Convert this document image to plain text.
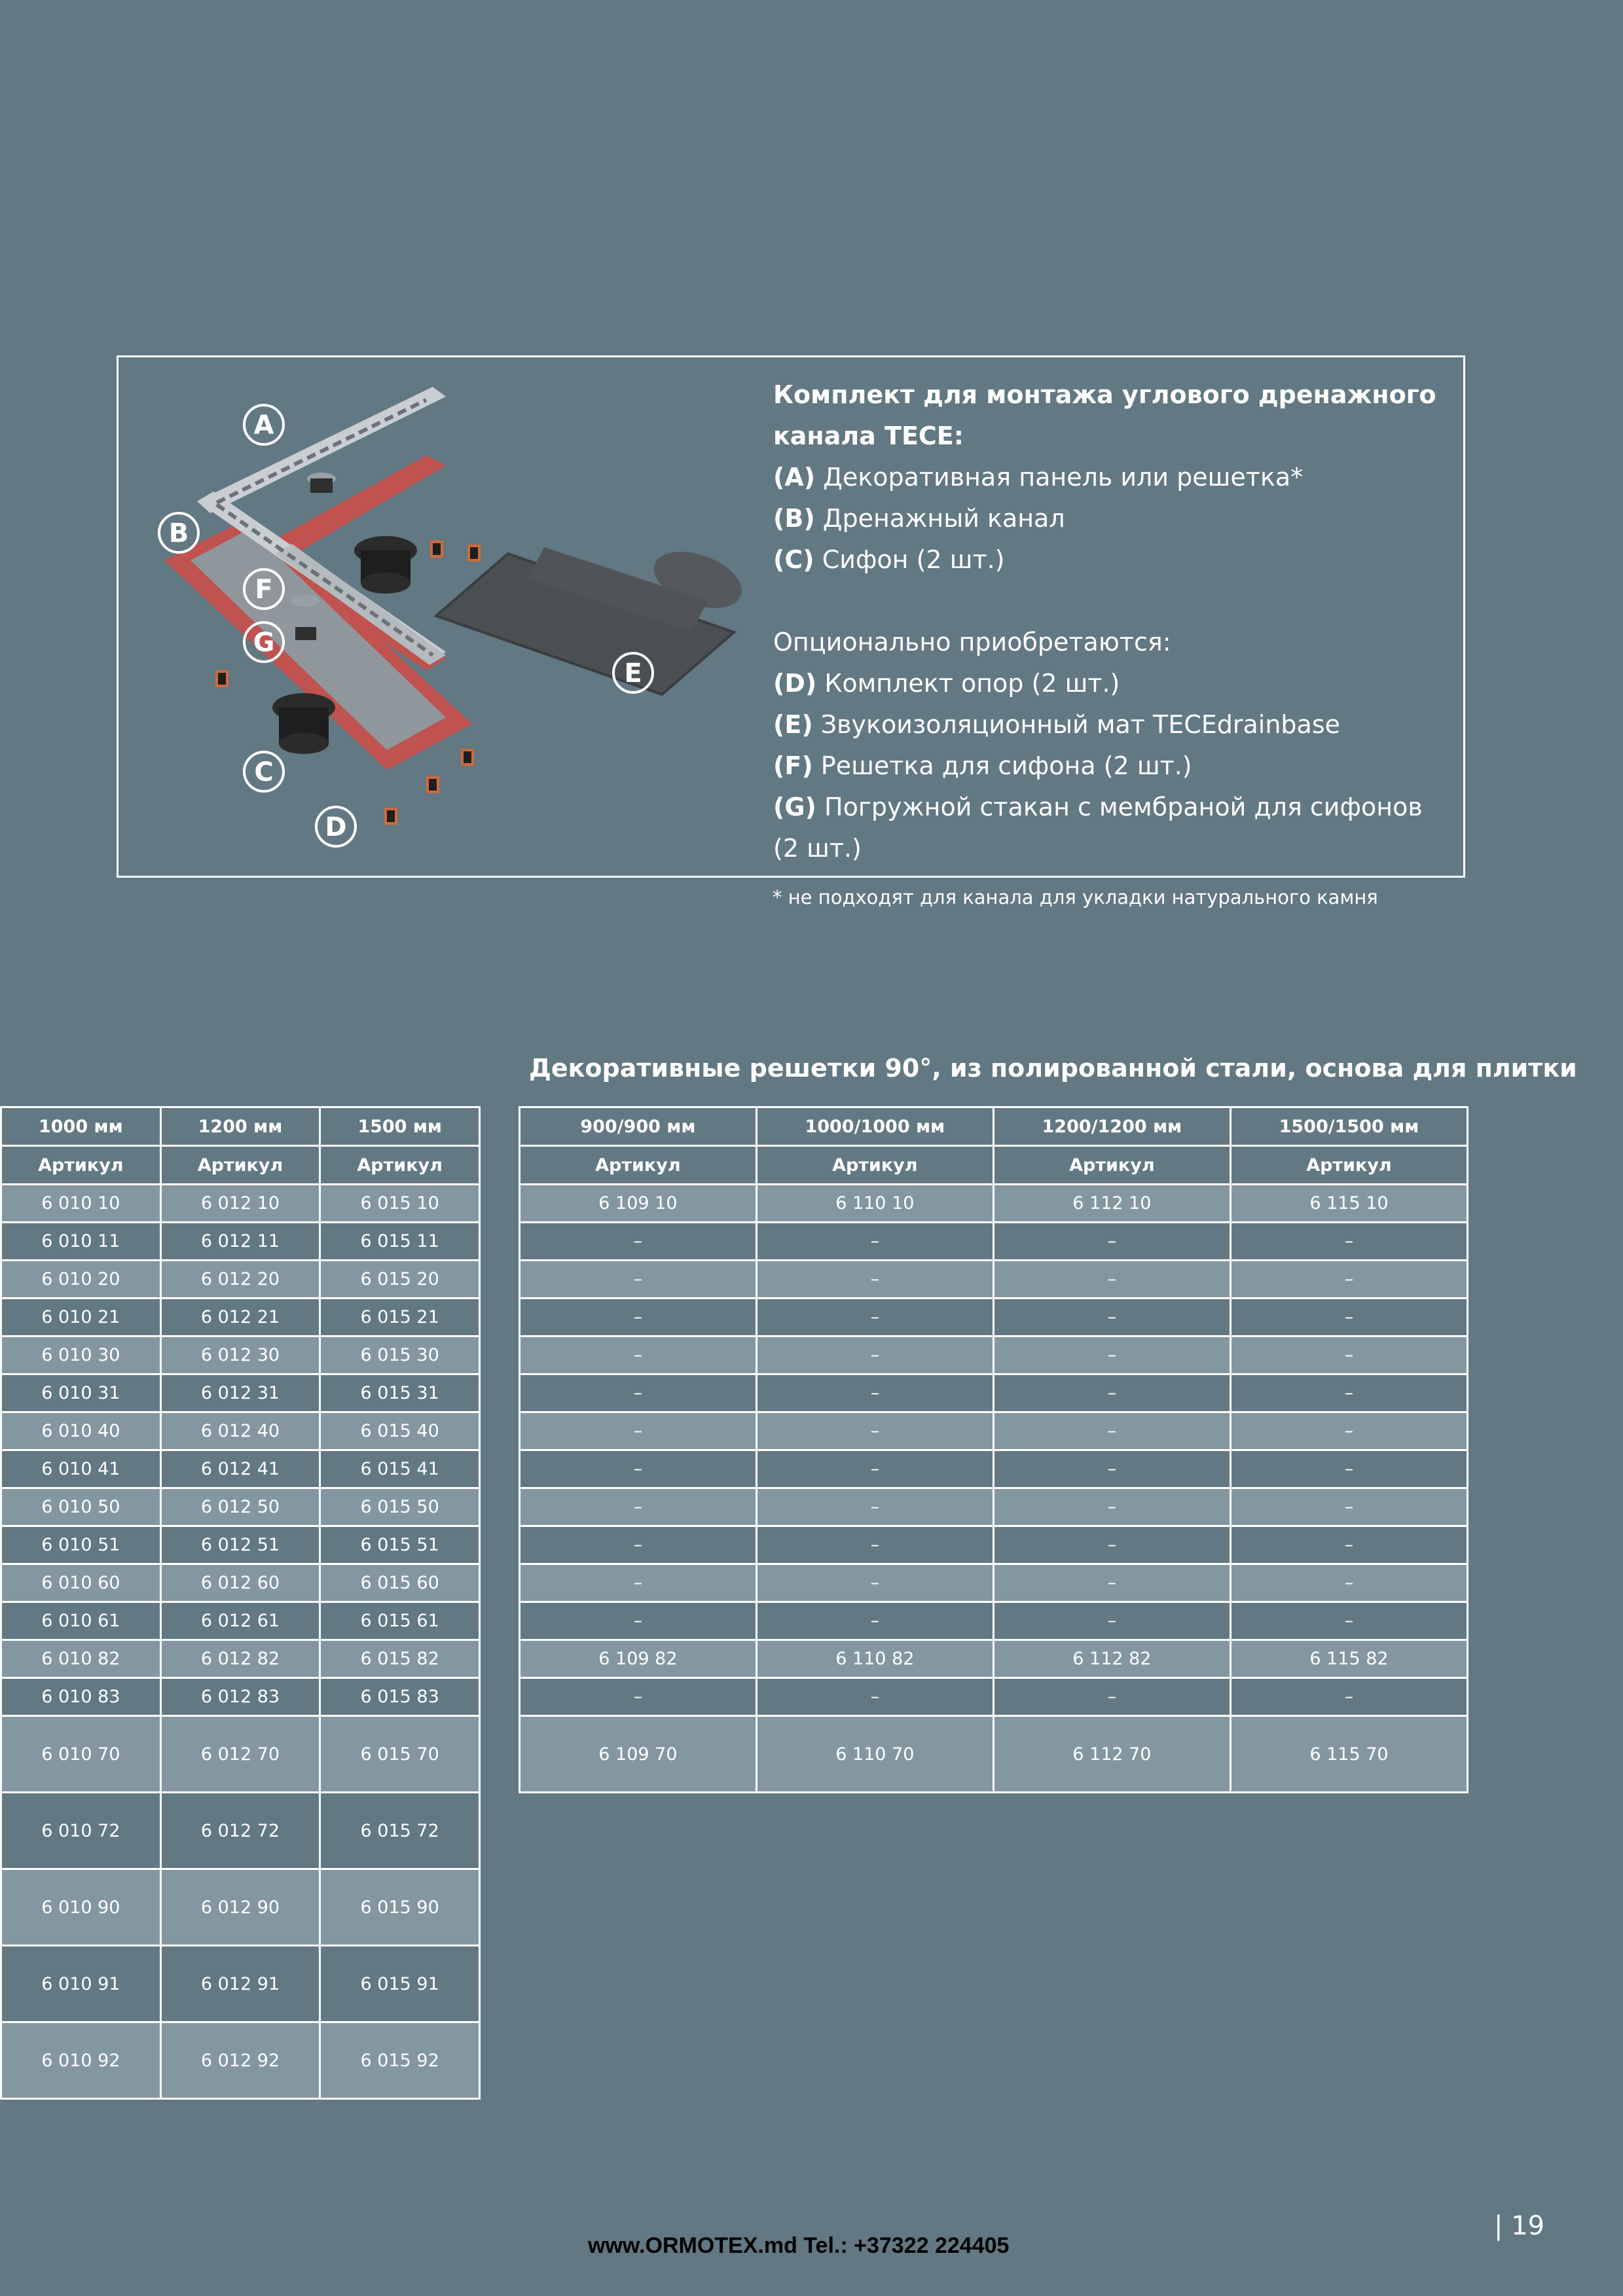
A
B
F
G
E
C
D
Комплект для монтажа углового дренажного канала TECE:
(A) Декоративная панель или решетка*
(B) Дренажный канал
(C) Сифон (2 шт.)
Опционально приобретаются:
(D) Комплект опор (2 шт.)
(E) Звукоизоляционный мат TECEdrainbase
(F) Решетка для сифона (2 шт.)
(G) Погружной стакан с мембраной для сифонов (2 шт.)
* не подходят для канала для укладки натурального камня
Декоративные решетки 90°, из полированной стали, основа для плитки
1000 мм	1200 мм	1500 мм
Артикул	Артикул	Артикул
6 010 10	6 012 10	6 015 10
6 010 11	6 012 11	6 015 11
6 010 20	6 012 20	6 015 20
6 010 21	6 012 21	6 015 21
6 010 30	6 012 30	6 015 30
6 010 31	6 012 31	6 015 31
6 010 40	6 012 40	6 015 40
6 010 41	6 012 41	6 015 41
6 010 50	6 012 50	6 015 50
6 010 51	6 012 51	6 015 51
6 010 60	6 012 60	6 015 60
6 010 61	6 012 61	6 015 61
6 010 82	6 012 82	6 015 82
6 010 83	6 012 83	6 015 83
6 010 70	6 012 70	6 015 70
6 010 72	6 012 72	6 015 72
6 010 90	6 012 90	6 015 90
6 010 91	6 012 91	6 015 91
6 010 92	6 012 92	6 015 92
900/900 мм	1000/1000 мм	1200/1200 мм	1500/1500 мм
Артикул	Артикул	Артикул	Артикул
6 109 10	6 110 10	6 112 10	6 115 10
–	–	–	–
–	–	–	–
–	–	–	–
–	–	–	–
–	–	–	–
–	–	–	–
–	–	–	–
–	–	–	–
–	–	–	–
–	–	–	–
–	–	–	–
6 109 82	6 110 82	6 112 82	6 115 82
–	–	–	–
6 109 70	6 110 70	6 112 70	6 115 70
| 19
www.ORMOTEX.md Tel.: +37322 224405
